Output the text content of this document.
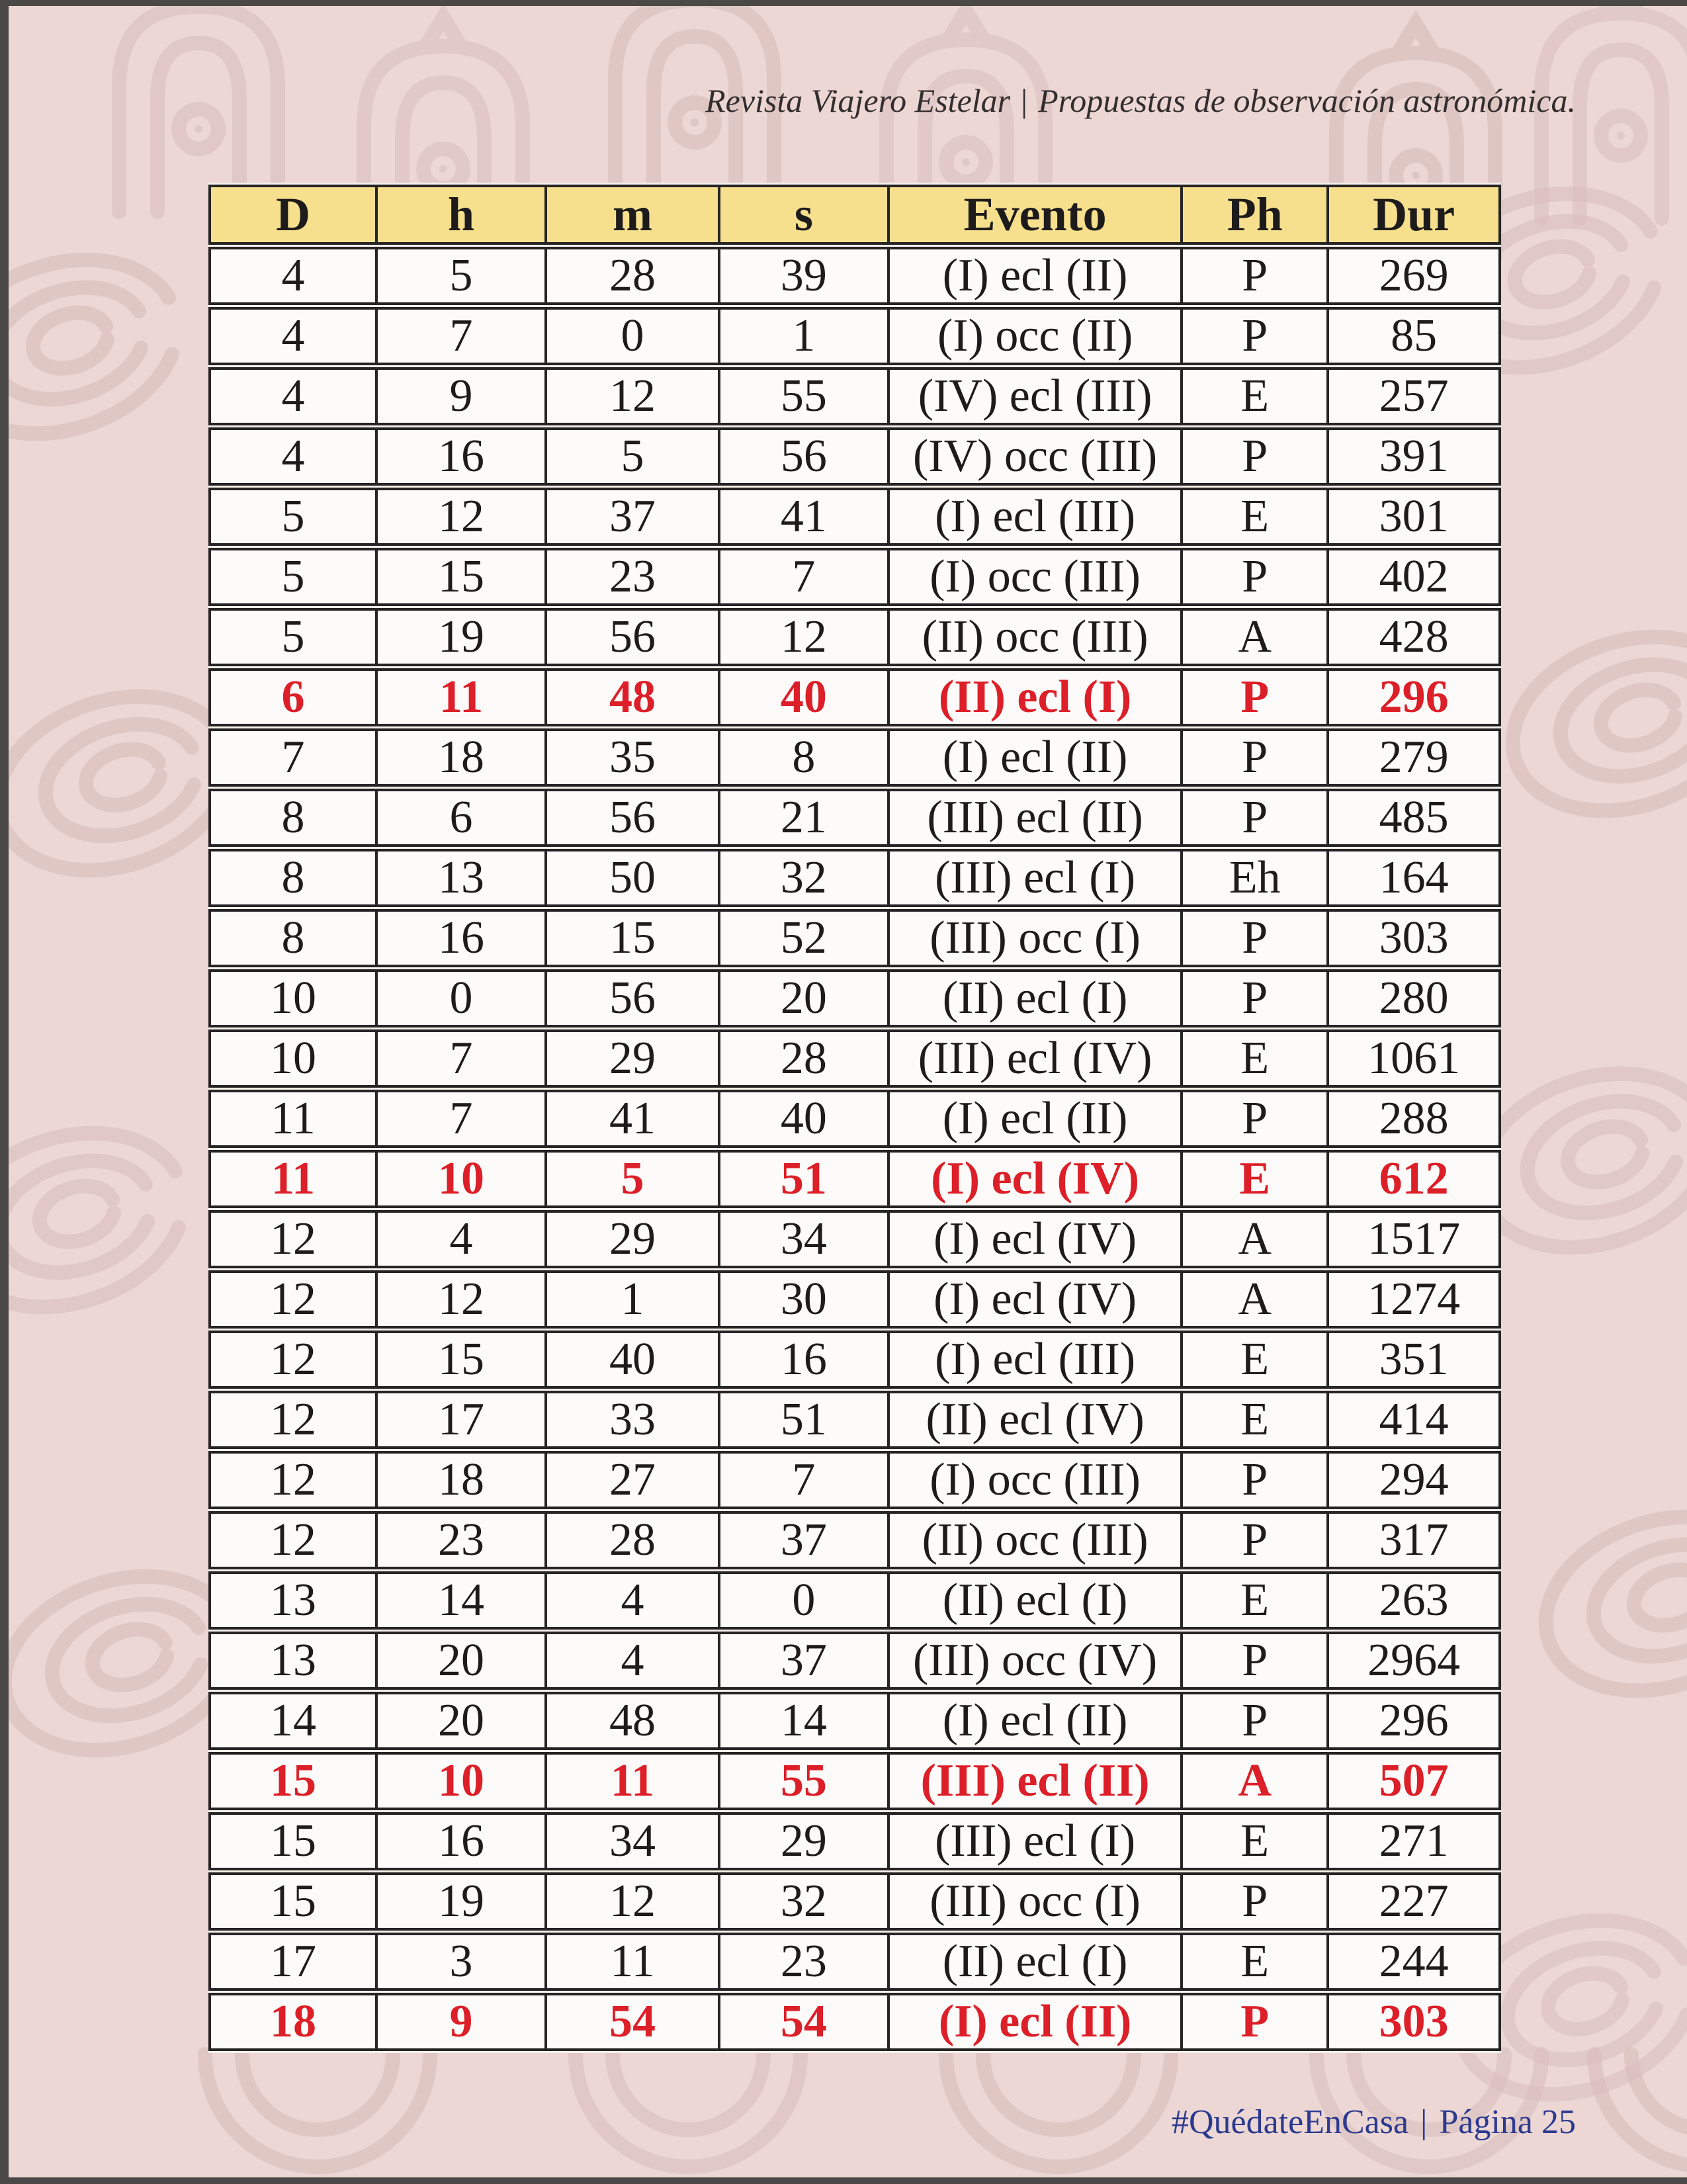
Revista Viajero Estelar | Propuestas de observación astronómica.
D	h	m	s	Evento	Ph	Dur
4	5	28	39	(I) ecl (II)	P	269
4	7	0	1	(I) occ (II)	P	85
4	9	12	55	(IV) ecl (III)	E	257
4	16	5	56	(IV) occ (III)	P	391
5	12	37	41	(I) ecl (III)	E	301
5	15	23	7	(I) occ (III)	P	402
5	19	56	12	(II) occ (III)	A	428
6	11	48	40	(II) ecl (I)	P	296
7	18	35	8	(I) ecl (II)	P	279
8	6	56	21	(III) ecl (II)	P	485
8	13	50	32	(III) ecl (I)	Eh	164
8	16	15	52	(III) occ (I)	P	303
10	0	56	20	(II) ecl (I)	P	280
10	7	29	28	(III) ecl (IV)	E	1061
11	7	41	40	(I) ecl (II)	P	288
11	10	5	51	(I) ecl (IV)	E	612
12	4	29	34	(I) ecl (IV)	A	1517
12	12	1	30	(I) ecl (IV)	A	1274
12	15	40	16	(I) ecl (III)	E	351
12	17	33	51	(II) ecl (IV)	E	414
12	18	27	7	(I) occ (III)	P	294
12	23	28	37	(II) occ (III)	P	317
13	14	4	0	(II) ecl (I)	E	263
13	20	4	37	(III) occ (IV)	P	2964
14	20	48	14	(I) ecl (II)	P	296
15	10	11	55	(III) ecl (II)	A	507
15	16	34	29	(III) ecl (I)	E	271
15	19	12	32	(III) occ (I)	P	227
17	3	11	23	(II) ecl (I)	E	244
18	9	54	54	(I) ecl (II)	P	303
#QuédateEnCasa | Página 25
